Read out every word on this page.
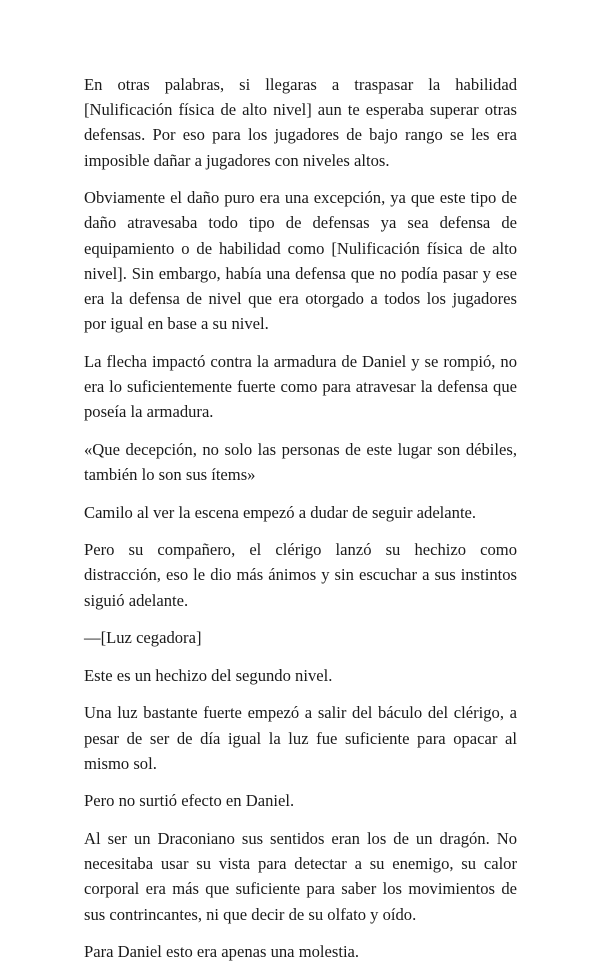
En otras palabras, si llegaras a traspasar la habilidad [Nulificación física de alto nivel] aun te esperaba superar otras defensas. Por eso para los jugadores de bajo rango se les era imposible dañar a jugadores con niveles altos.

Obviamente el daño puro era una excepción, ya que este tipo de daño atravesaba todo tipo de defensas ya sea defensa de equipamiento o de habilidad como [Nulificación física de alto nivel]. Sin embargo, había una defensa que no podía pasar y ese era la defensa de nivel que era otorgado a todos los jugadores por igual en base a su nivel.

La flecha impactó contra la armadura de Daniel y se rompió, no era lo suficientemente fuerte como para atravesar la defensa que poseía la armadura.

«Que decepción, no solo las personas de este lugar son débiles, también lo son sus ítems»

Camilo al ver la escena empezó a dudar de seguir adelante.

Pero su compañero, el clérigo lanzó su hechizo como distracción, eso le dio más ánimos y sin escuchar a sus instintos siguió adelante.

—[Luz cegadora]

Este es un hechizo del segundo nivel.

Una luz bastante fuerte empezó a salir del báculo del clérigo, a pesar de ser de día igual la luz fue suficiente para opacar al mismo sol.

Pero no surtió efecto en Daniel.

Al ser un Draconiano sus sentidos eran los de un dragón. No necesitaba usar su vista para detectar a su enemigo, su calor corporal era más que suficiente para saber los movimientos de sus contrincantes, ni que decir de su olfato y oído.

Para Daniel esto era apenas una molestia.
